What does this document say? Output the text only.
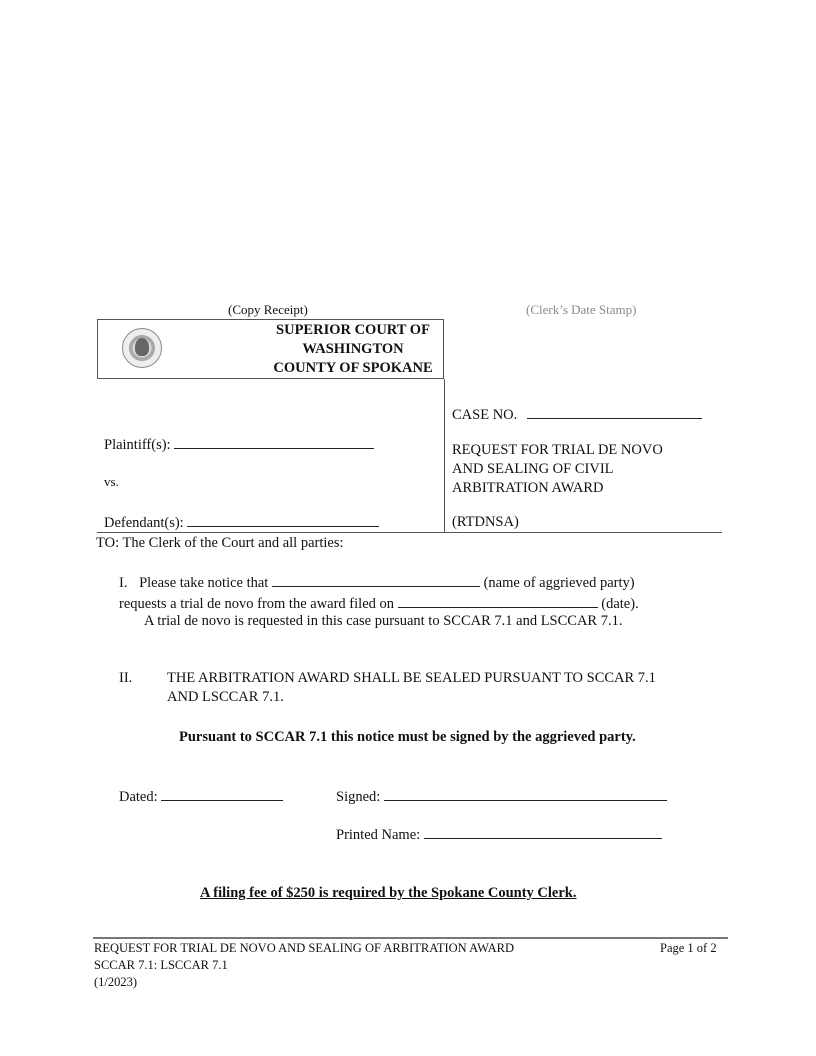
(Copy Receipt)	(Clerk’s Date Stamp)
SUPERIOR COURT OF
WASHINGTON
COUNTY OF SPOKANE
Plaintiff(s):
vs.
Defendant(s):
CASE NO.
REQUEST FOR TRIAL DE NOVO
AND SEALING OF CIVIL
ARBITRATION AWARD
(RTDNSA)
TO: The Clerk of the Court and all parties:
I. Please take notice that	(name of aggrieved party)
requests a trial de novo from the award filed on	(date).
A trial de novo is requested in this case pursuant to SCCAR 7.1 and LSCCAR 7.1.
II. THE ARBITRATION AWARD SHALL BE SEALED PURSUANT TO SCCAR 7.1
AND LSCCAR 7.1.
Pursuant to SCCAR 7.1 this notice must be signed by the aggrieved party.
Dated:	Signed:
Printed Name:
A filing fee of $250 is required by the Spokane County Clerk.
REQUEST FOR TRIAL DE NOVO AND SEALING OF ARBITRATION AWARD	Page 1 of 2
SCCAR 7.1: LSCCAR 7.1
(1/2023)
